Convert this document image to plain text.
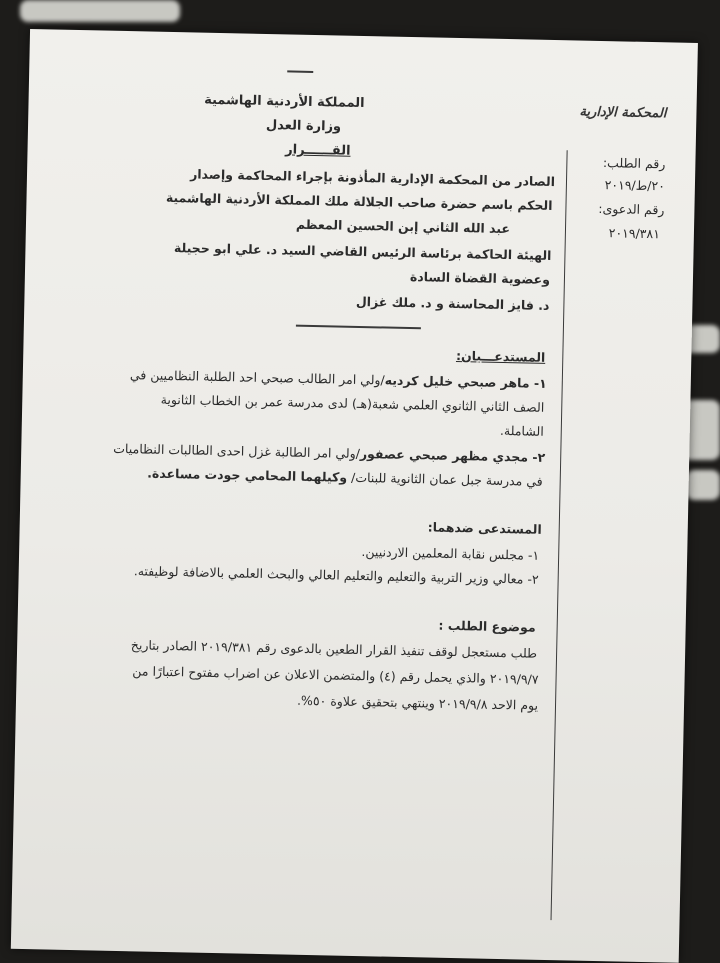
المملكة الأردنية الهاشمية
وزارة العدل
القــــــرار
المحكمة الإدارية
رقم الطلب:
٢٠/ط/٢٠١٩
رقم الدعوى:
٢٠١٩/٣٨١
الصادر من المحكمة الإدارية المأذونة بإجراء المحاكمة وإصدار
الحكم باسم حضرة صاحب الجلالة ملك المملكة الأردنية الهاشمية
عبد الله الثاني إبن الحسين المعظم
الهيئة الحاكمة برئاسة الرئيس القاضي السيد د. علي ابو حجيلة
وعضوية القضاة السادة
د. فايز المحاسنة و د. ملك غزال
المستدعـــيان:
١- ماهر صبحي خليل كرديه/ولي امر الطالب صبحي احد الطلبة النظاميين في
الصف الثاني الثانوي العلمي شعبة(هـ) لدى مدرسة عمر بن الخطاب الثانوية
الشاملة.
٢- مجدي مظهر صبحي عصفور/ولي امر الطالبة غزل احدى الطالبات النظاميات
في مدرسة جبل عمان الثانوية للبنات/ وكيلهما المحامي جودت مساعدة.
المستدعى ضدهما:
١- مجلس نقابة المعلمين الاردنيين.
٢- معالي وزير التربية والتعليم والتعليم العالي والبحث العلمي بالاضافة لوظيفته.
موضوع الطلب :
طلب مستعجل لوقف تنفيذ القرار الطعين بالدعوى رقم ٢٠١٩/٣٨١ الصادر بتاريخ
٢٠١٩/٩/٧ والذي يحمل رقم (٤) والمتضمن الاعلان عن اضراب مفتوح اعتبارًا من
يوم الاحد ٢٠١٩/٩/٨ وينتهي بتحقيق علاوة ٥٠%.
